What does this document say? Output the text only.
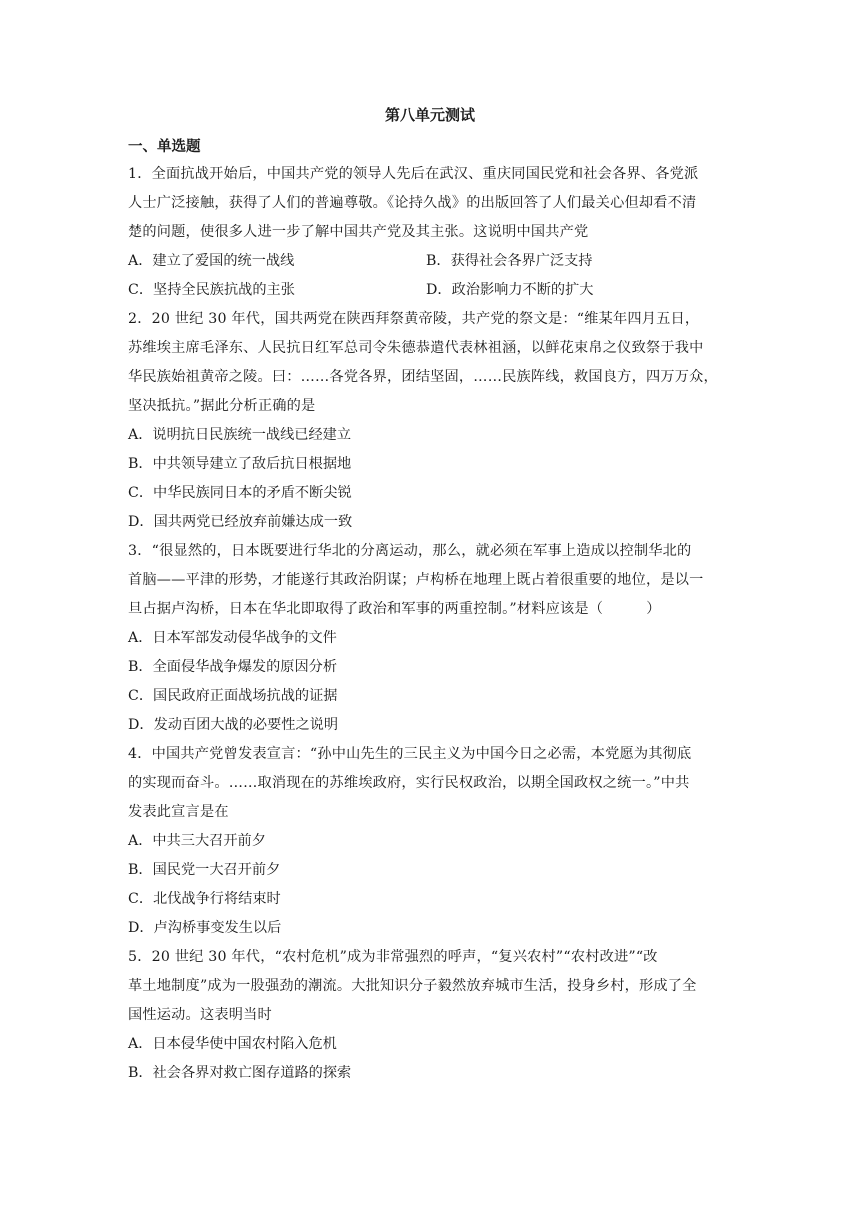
第八单元测试
一、单选题

1．全面抗战开始后，中国共产党的领导人先后在武汉、重庆同国民党和社会各界、各党派
人士广泛接触，获得了人们的普遍尊敬。《论持久战》的出版回答了人们最关心但却看不清
楚的问题，使很多人进一步了解中国共产党及其主张。这说明中国共产党

A．建立了爱国的统一战线	B．获得社会各界广泛支持
C．坚持全民族抗战的主张	D．政治影响力不断的扩大

2．20 世纪 30 年代，国共两党在陕西拜祭黄帝陵，共产党的祭文是：“维某年四月五日，
苏维埃主席毛泽东、人民抗日红军总司令朱德恭遣代表林祖涵，以鲜花束帛之仪致祭于我中
华民族始祖黄帝之陵。曰：……各党各界，团结坚固，……民族阵线，救国良方，四万万众，
坚决抵抗。”据此分析正确的是

A．说明抗日民族统一战线已经建立
B．中共领导建立了敌后抗日根据地
C．中华民族同日本的矛盾不断尖锐
D．国共两党已经放弃前嫌达成一致

3．“很显然的，日本既要进行华北的分离运动，那么，就必须在军事上造成以控制华北的
首脑——平津的形势，才能遂行其政治阴谋；卢构桥在地理上既占着很重要的地位，是以一
旦占据卢沟桥，日本在华北即取得了政治和军事的两重控制。”材料应该是（　　　）

A．日本军部发动侵华战争的文件
B．全面侵华战争爆发的原因分析
C．国民政府正面战场抗战的证据
D．发动百团大战的必要性之说明

4．中国共产党曾发表宣言：“孙中山先生的三民主义为中国今日之必需，本党愿为其彻底
的实现而奋斗。……取消现在的苏维埃政府，实行民权政治，以期全国政权之统一。”中共
发表此宣言是在

A．中共三大召开前夕
B．国民党一大召开前夕
C．北伐战争行将结束时
D．卢沟桥事变发生以后

5．20 世纪 30 年代，“农村危机”成为非常强烈的呼声，“复兴农村”“农村改进”“改
革土地制度”成为一股强劲的潮流。大批知识分子毅然放弃城市生活，投身乡村，形成了全
国性运动。这表明当时

A．日本侵华使中国农村陷入危机
B．社会各界对救亡图存道路的探索
